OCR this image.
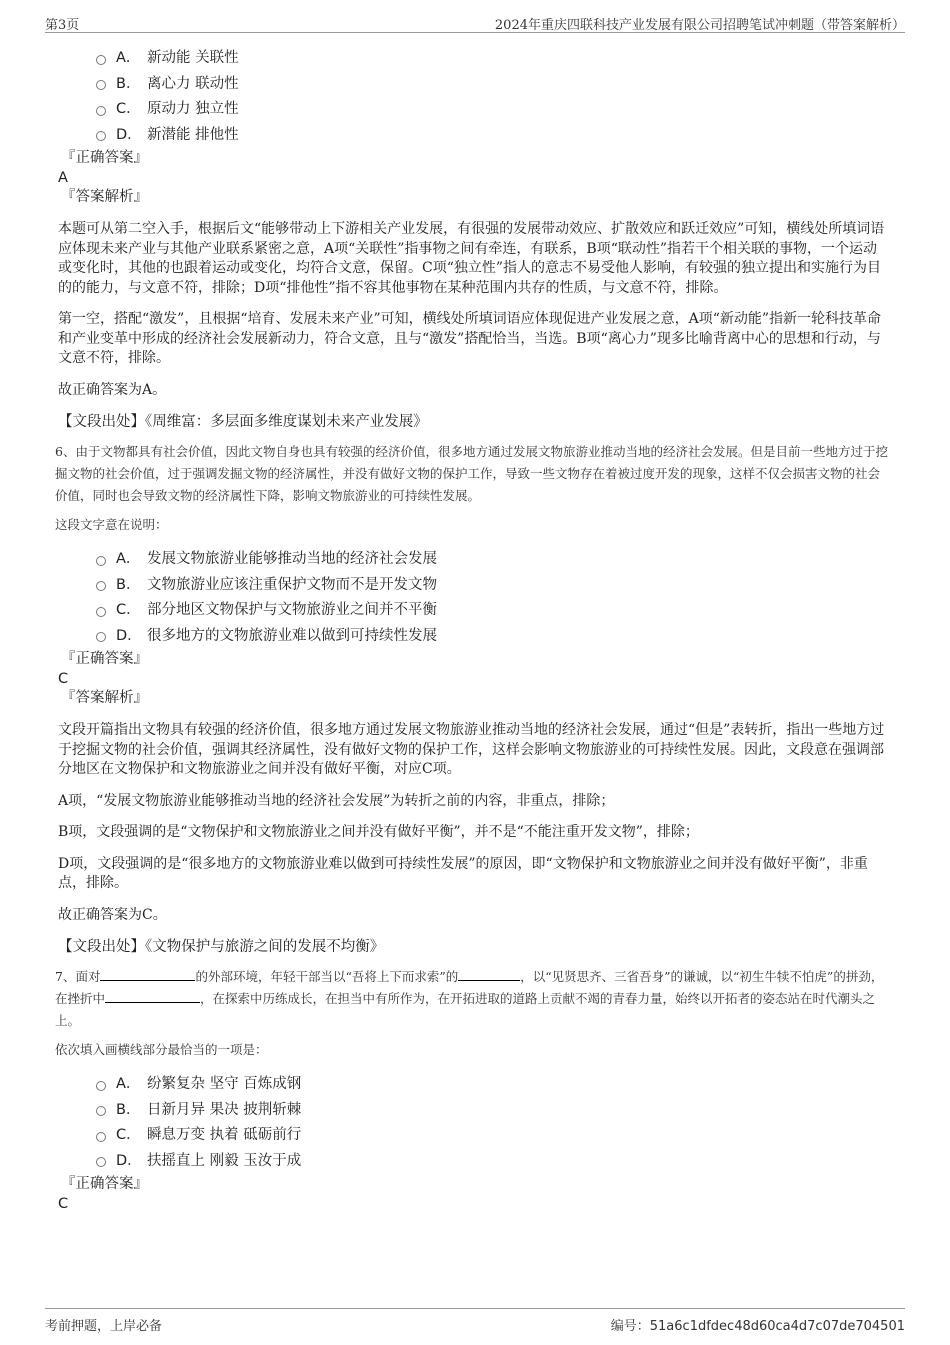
第3页	2024年重庆四联科技产业发展有限公司招聘笔试冲刺题（带答案解析）
A． 新动能 关联性
B． 离心力 联动性
C． 原动力 独立性
D． 新潜能 排他性
『正确答案』
A
『答案解析』

本题可从第二空入手，根据后文“能够带动上下游相关产业发展，有很强的发展带动效应、扩散效应和跃迁效应”可知，横线处所填词语应体现未来产业与其他产业联系紧密之意，A项“关联性”指事物之间有牵连，有联系，B项“联动性”指若干个相关联的事物，一个运动或变化时，其他的也跟着运动或变化，均符合文意，保留。C项“独立性”指人的意志不易受他人影响，有较强的独立提出和实施行为目的的能力，与文意不符，排除；D项“排他性”指不容其他事物在某种范围内共存的性质，与文意不符，排除。

第一空，搭配“激发”，且根据“培育、发展未来产业”可知，横线处所填词语应体现促进产业发展之意，A项“新动能”指新一轮科技革命和产业变革中形成的经济社会发展新动力，符合文意，且与“激发”搭配恰当，当选。B项“离心力”现多比喻背离中心的思想和行动，与文意不符，排除。

故正确答案为A。

【文段出处】《周维富：多层面多维度谋划未来产业发展》

6、由于文物都具有社会价值，因此文物自身也具有较强的经济价值，很多地方通过发展文物旅游业推动当地的经济社会发展。但是目前一些地方过于挖掘文物的社会价值，过于强调发掘文物的经济属性，并没有做好文物的保护工作，导致一些文物存在着被过度开发的现象，这样不仅会损害文物的社会价值，同时也会导致文物的经济属性下降，影响文物旅游业的可持续性发展。

这段文字意在说明：

A． 发展文物旅游业能够推动当地的经济社会发展
B． 文物旅游业应该注重保护文物而不是开发文物
C． 部分地区文物保护与文物旅游业之间并不平衡
D． 很多地方的文物旅游业难以做到可持续性发展
『正确答案』
C
『答案解析』

文段开篇指出文物具有较强的经济价值，很多地方通过发展文物旅游业推动当地的经济社会发展，通过“但是”表转折，指出一些地方过于挖掘文物的社会价值，强调其经济属性，没有做好文物的保护工作，这样会影响文物旅游业的可持续性发展。因此，文段意在强调部分地区在文物保护和文物旅游业之间并没有做好平衡，对应C项。

A项，“发展文物旅游业能够推动当地的经济社会发展”为转折之前的内容，非重点，排除；

B项，文段强调的是“文物保护和文物旅游业之间并没有做好平衡”，并不是“不能注重开发文物”，排除；

D项，文段强调的是“很多地方的文物旅游业难以做到可持续性发展”的原因，即“文物保护和文物旅游业之间并没有做好平衡”，非重点，排除。

故正确答案为C。

【文段出处】《文物保护与旅游之间的发展不均衡》

7、面对	的外部环境，年轻干部当以“吾将上下而求索”的	，以“见贤思齐、三省吾身”的谦诚，以“初生牛犊不怕虎”的拼劲，在挫折中	，在探索中历练成长，在担当中有所作为，在开拓进取的道路上贡献不竭的青春力量，始终以开拓者的姿态站在时代潮头之上。

依次填入画横线部分最恰当的一项是：

A． 纷繁复杂 坚守 百炼成钢
B． 日新月异 果决 披荆斩棘
C． 瞬息万变 执着 砥砺前行
D． 扶摇直上 刚毅 玉汝于成
『正确答案』
C
考前押题，上岸必备	编号：51a6c1dfdec48d60ca4d7c07de704501
